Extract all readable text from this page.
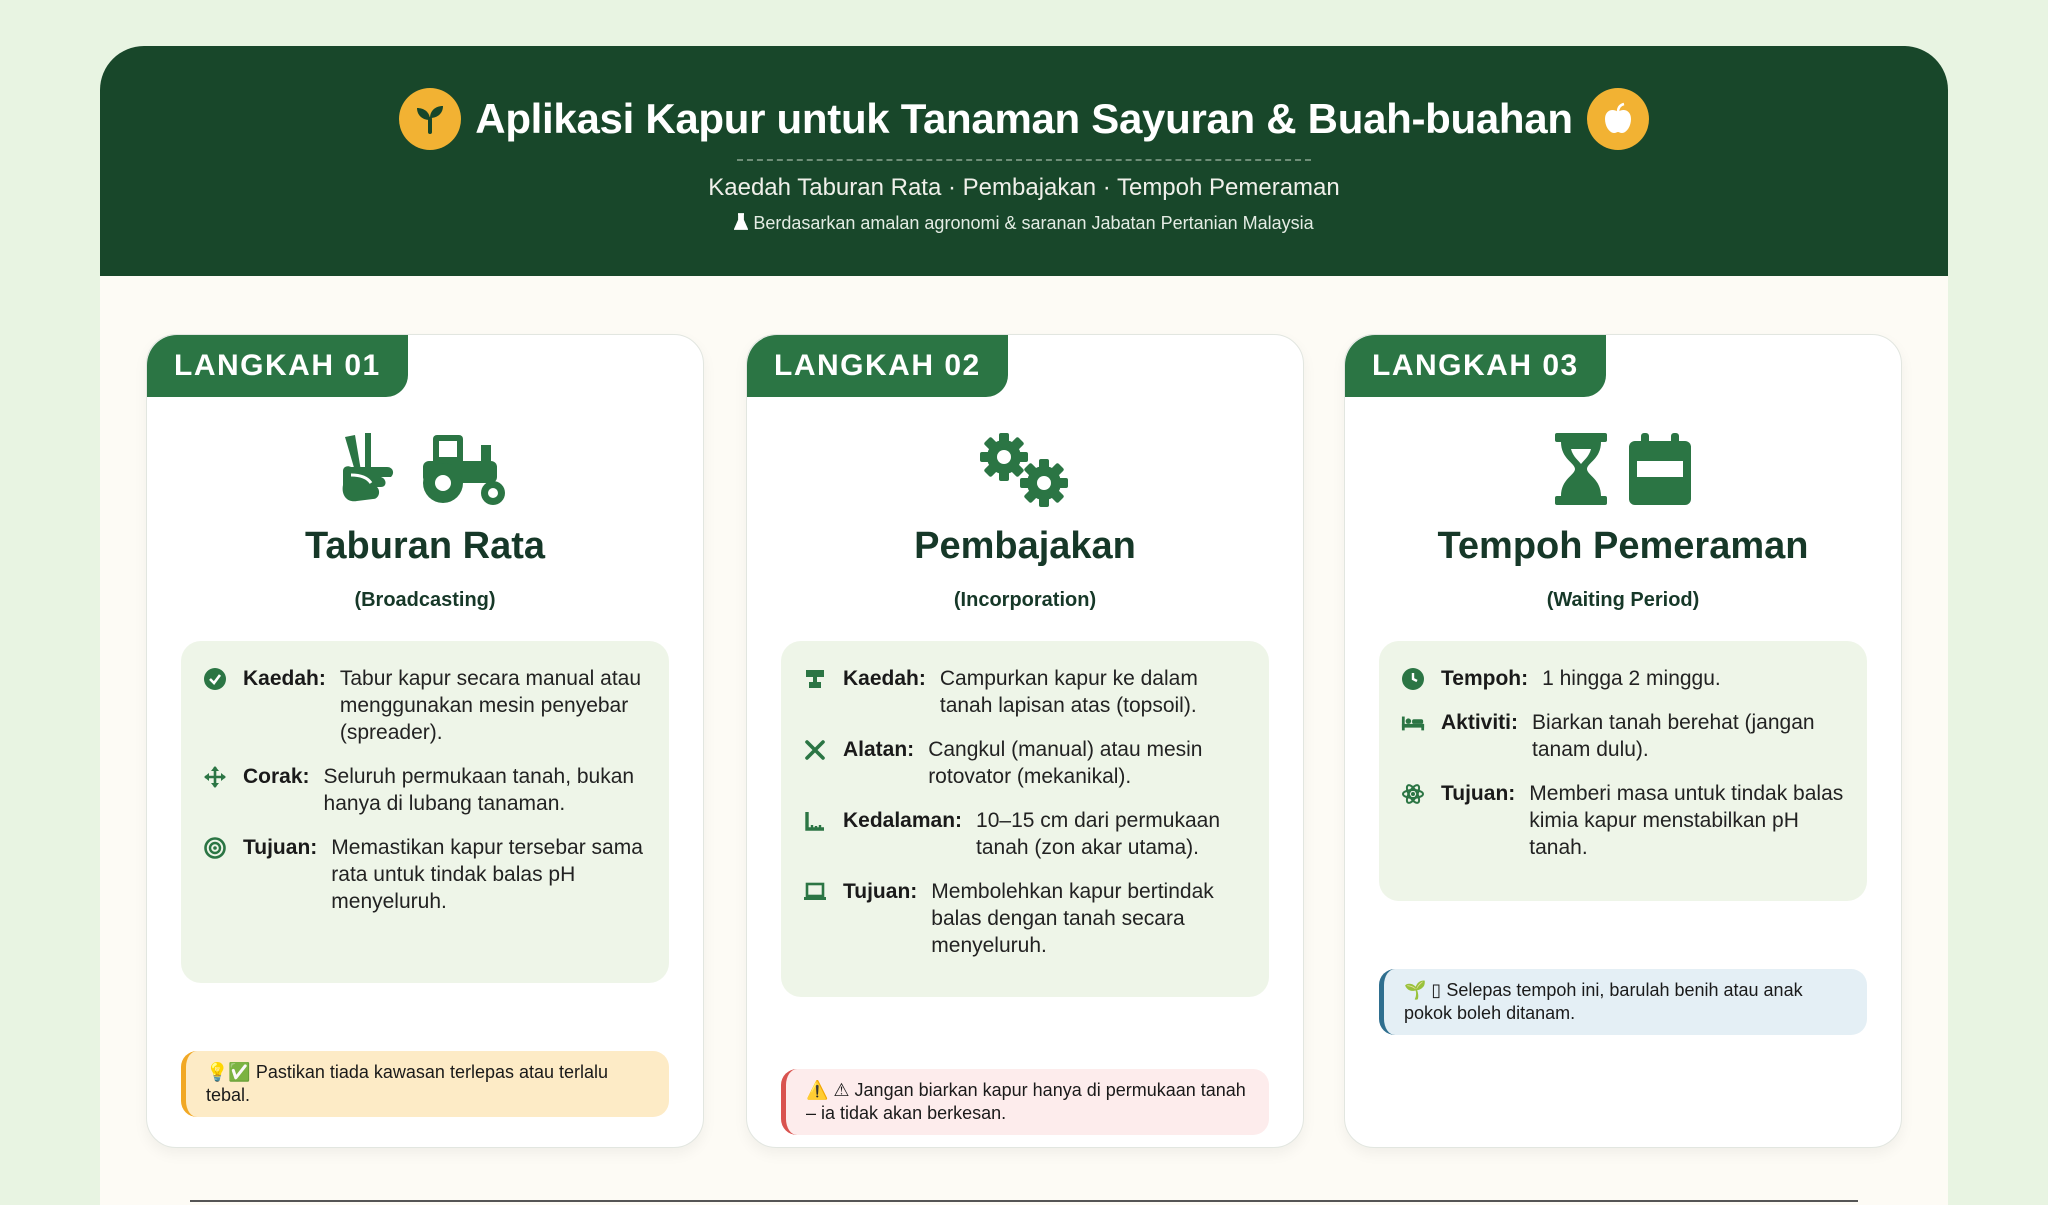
Aplikasi Kapur untuk Tanaman Sayuran & Buah-buahan
Kaedah Taburan Rata · Pembajakan · Tempoh Pemeraman
Berdasarkan amalan agronomi & saranan Jabatan Pertanian Malaysia
LANGKAH 01
Taburan Rata
(Broadcasting)
Kaedah: Tabur kapur secara manual atau menggunakan mesin penyebar (spreader).
Corak: Seluruh permukaan tanah, bukan hanya di lubang tanaman.
Tujuan: Memastikan kapur tersebar sama rata untuk tindak balas pH menyeluruh.
💡✅ Pastikan tiada kawasan terlepas atau terlalu tebal.
LANGKAH 02
Pembajakan
(Incorporation)
Kaedah: Campurkan kapur ke dalam tanah lapisan atas (topsoil).
Alatan: Cangkul (manual) atau mesin rotovator (mekanikal).
Kedalaman: 10–15 cm dari permukaan tanah (zon akar utama).
Tujuan: Membolehkan kapur bertindak balas dengan tanah secara menyeluruh.
⚠️ ⚠ Jangan biarkan kapur hanya di permukaan tanah – ia tidak akan berkesan.
LANGKAH 03
Tempoh Pemeraman
(Waiting Period)
Tempoh: 1 hingga 2 minggu.
Aktiviti: Biarkan tanah berehat (jangan tanam dulu).
Tujuan: Memberi masa untuk tindak balas kimia kapur menstabilkan pH tanah.
🌱 ▯ Selepas tempoh ini, barulah benih atau anak pokok boleh ditanam.
